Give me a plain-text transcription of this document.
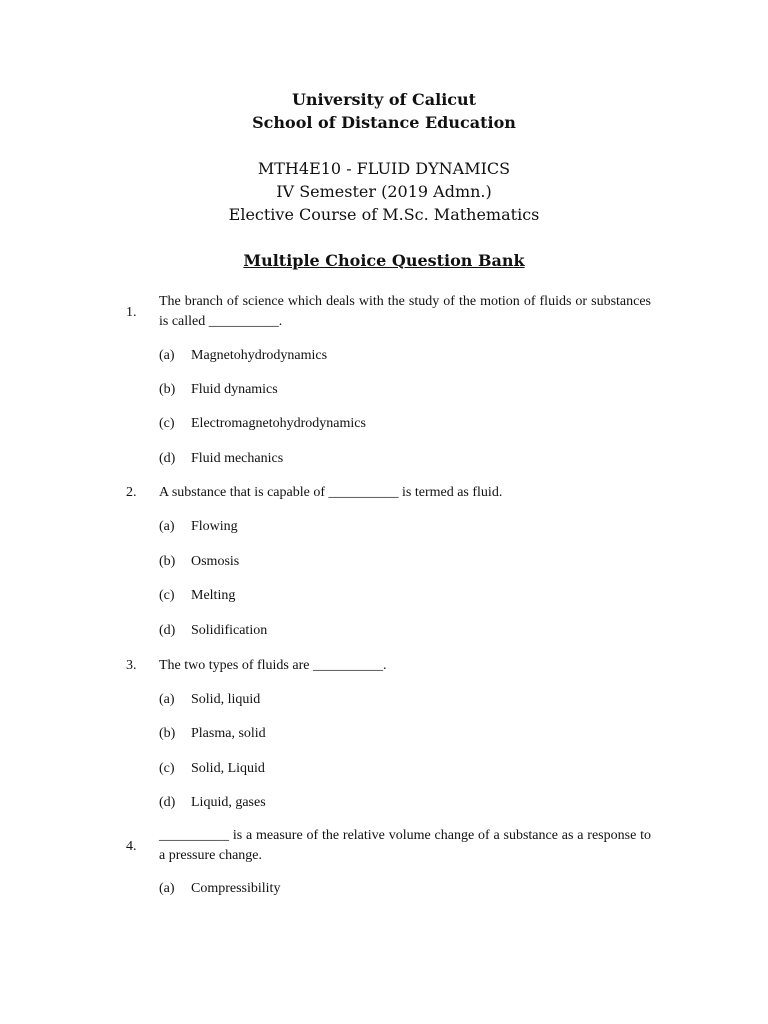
University of Calicut
School of Distance Education
MTH4E10 - FLUID DYNAMICS
IV Semester (2019 Admn.)
Elective Course of M.Sc. Mathematics
Multiple Choice Question Bank
1.
The branch of science which deals with the study of the motion of fluids or substances is called __________.
(a) Magnetohydrodynamics
(b) Fluid dynamics
(c) Electromagnetohydrodynamics
(d) Fluid mechanics
2. A substance that is capable of __________ is termed as fluid.
(a) Flowing
(b) Osmosis
(c) Melting
(d) Solidification
3. The two types of fluids are __________.
(a) Solid, liquid
(b) Plasma, solid
(c) Solid, Liquid
(d) Liquid, gases
4.
__________ is a measure of the relative volume change of a substance as a response to a pressure change.
(a) Compressibility
